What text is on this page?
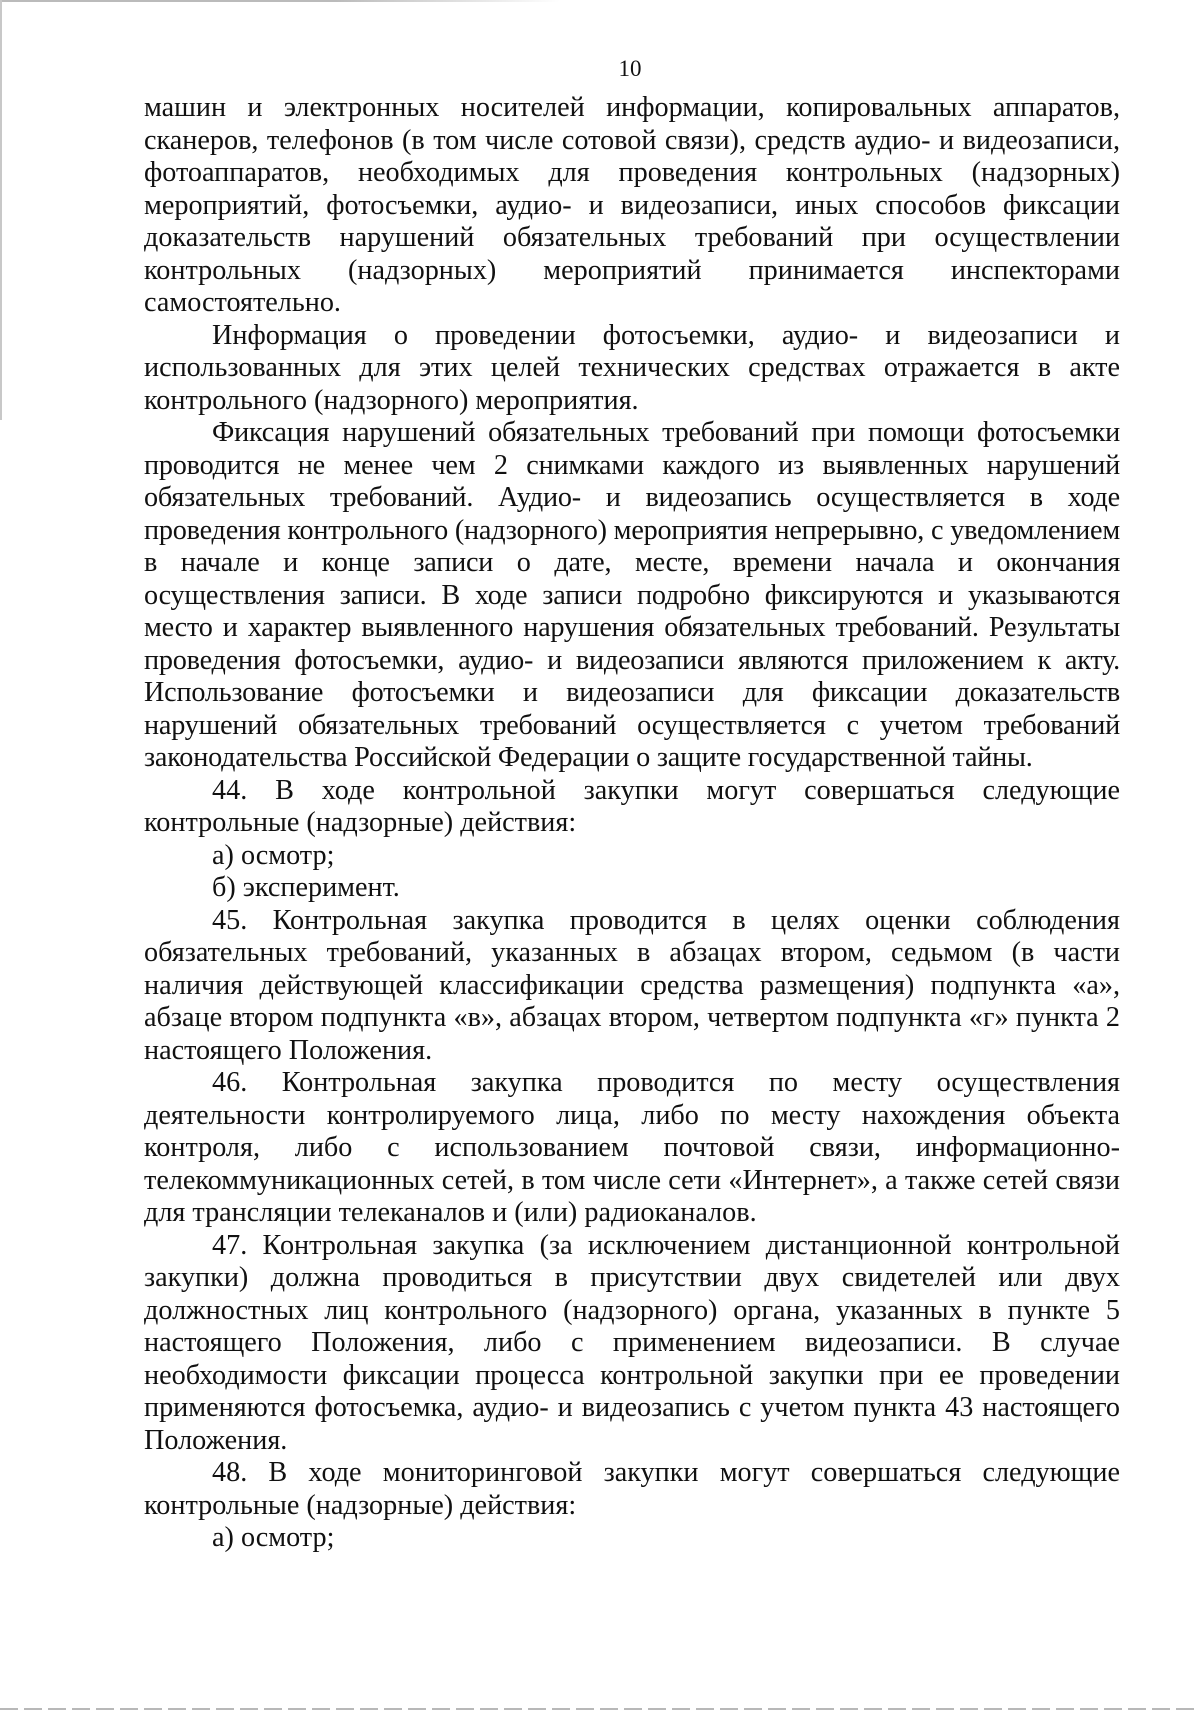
10

машин и электронных носителей информации, копировальных аппаратов, сканеров, телефонов (в том числе сотовой связи), средств аудио- и видеозаписи, фотоаппаратов, необходимых для проведения контрольных (надзорных) мероприятий, фотосъемки, аудио- и видеозаписи, иных способов фиксации доказательств нарушений обязательных требований при осуществлении контрольных (надзорных) мероприятий принимается инспекторами самостоятельно.

Информация о проведении фотосъемки, аудио- и видеозаписи и использованных для этих целей технических средствах отражается в акте контрольного (надзорного) мероприятия.

Фиксация нарушений обязательных требований при помощи фотосъемки проводится не менее чем 2 снимками каждого из выявленных нарушений обязательных требований. Аудио- и видеозапись осуществляется в ходе проведения контрольного (надзорного) мероприятия непрерывно, с уведомлением в начале и конце записи о дате, месте, времени начала и окончания осуществления записи. В ходе записи подробно фиксируются и указываются место и характер выявленного нарушения обязательных требований. Результаты проведения фотосъемки, аудио- и видеозаписи являются приложением к акту. Использование фотосъемки и видеозаписи для фиксации доказательств нарушений обязательных требований осуществляется с учетом требований законодательства Российской Федерации о защите государственной тайны.

44. В ходе контрольной закупки могут совершаться следующие контрольные (надзорные) действия:

а) осмотр;

б) эксперимент.

45. Контрольная закупка проводится в целях оценки соблюдения обязательных требований, указанных в абзацах втором, седьмом (в части наличия действующей классификации средства размещения) подпункта «а», абзаце втором подпункта «в», абзацах втором, четвертом подпункта «г» пункта 2 настоящего Положения.

46. Контрольная закупка проводится по месту осуществления деятельности контролируемого лица, либо по месту нахождения объекта контроля, либо с использованием почтовой связи, информационно-телекоммуникационных сетей, в том числе сети «Интернет», а также сетей связи для трансляции телеканалов и (или) радиоканалов.

47. Контрольная закупка (за исключением дистанционной контрольной закупки) должна проводиться в присутствии двух свидетелей или двух должностных лиц контрольного (надзорного) органа, указанных в пункте 5 настоящего Положения, либо с применением видеозаписи. В случае необходимости фиксации процесса контрольной закупки при ее проведении применяются фотосъемка, аудио- и видеозапись с учетом пункта 43 настоящего Положения.

48. В ходе мониторинговой закупки могут совершаться следующие контрольные (надзорные) действия:

а) осмотр;
